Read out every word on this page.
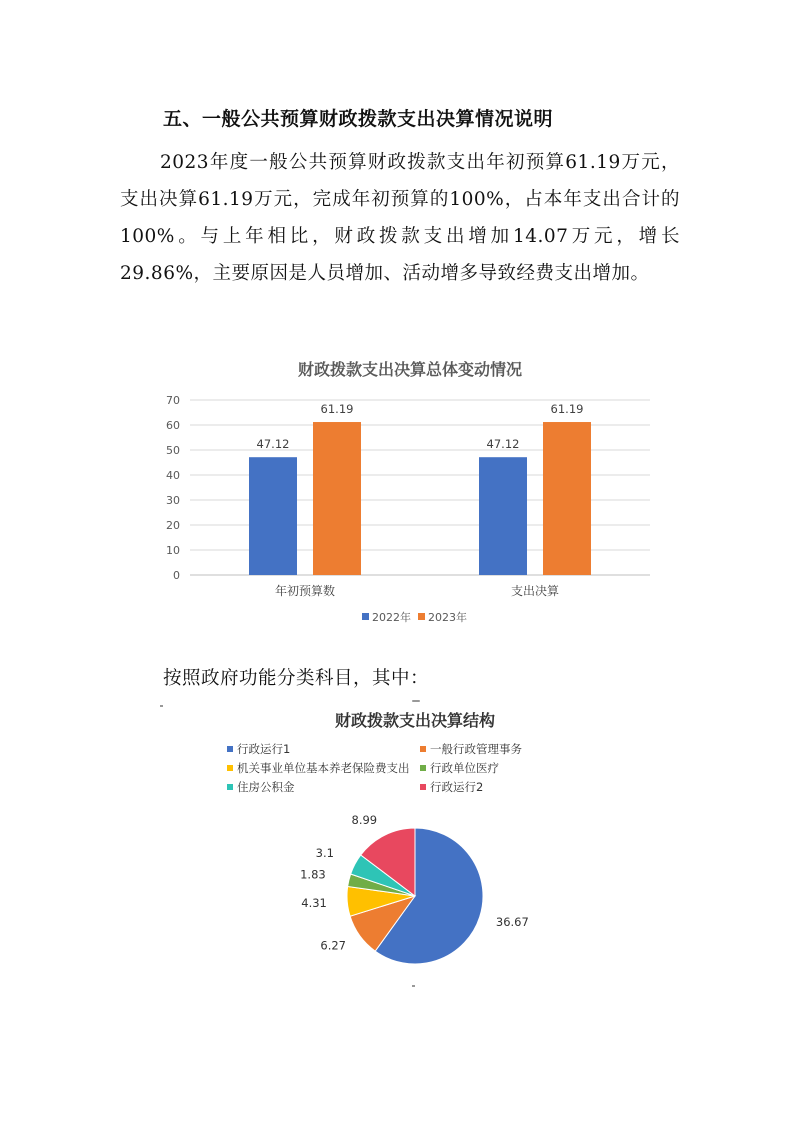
五、一般公共预算财政拨款支出决算情况说明
2023年度一般公共预算财政拨款支出年初预算61.19万元，支出决算61.19万元，完成年初预算的100%，占本年支出合计的100%。与上年相比，财政拨款支出增加14.07万元，增长29.86%，主要原因是人员增加、活动增多导致经费支出增加。
财政拨款支出决算总体变动情况
0
10
20
30
40
50
60
70
47.12
61.19
年初预算数
47.12
61.19
支出决算
2022年 2023年
按照政府功能分类科目，其中：
财政拨款支出决算结构
行政运行1	一般行政管理事务
机关事业单位基本养老保险费支出 行政单位医疗
住房公积金	行政运行2
36.67
6.27
4.31
1.83
3.1
8.99
